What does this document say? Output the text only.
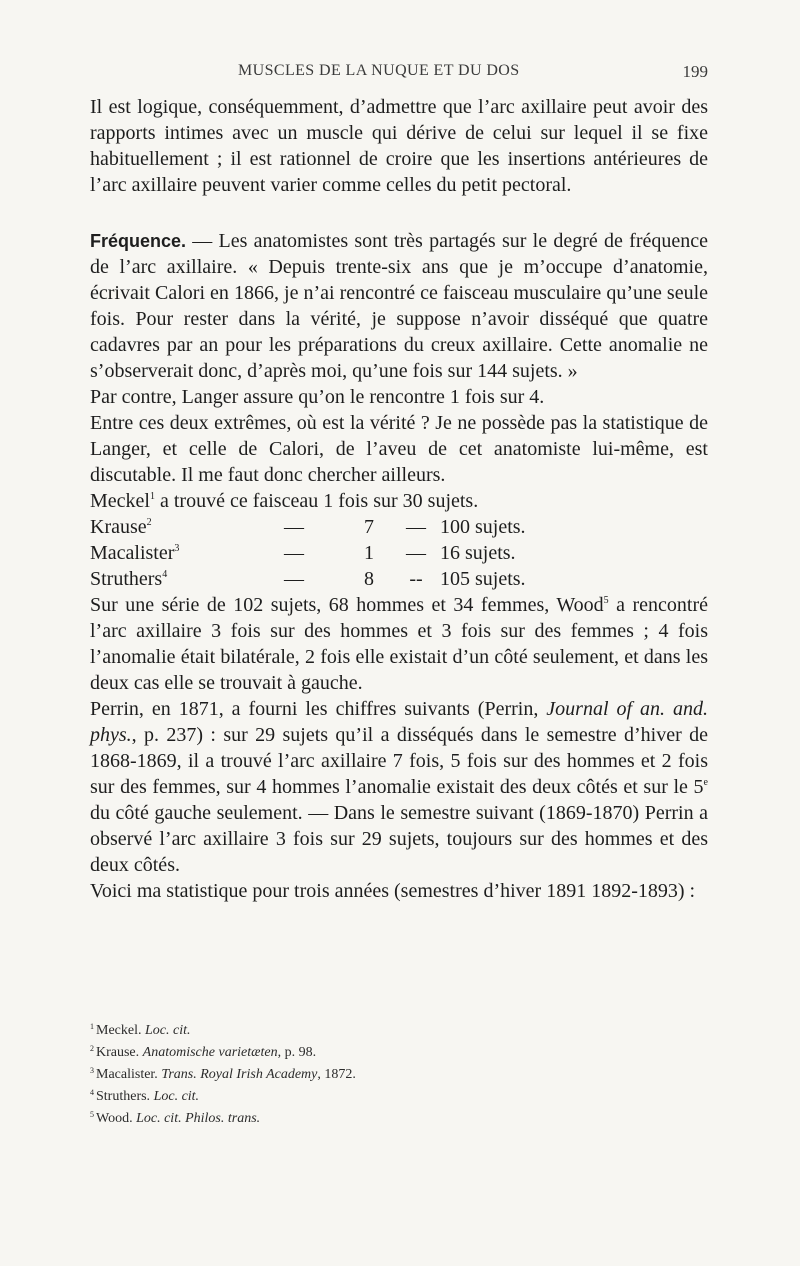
MUSCLES DE LA NUQUE ET DU DOS	199

Il est logique, conséquemment, d’admettre que l’arc axillaire peut avoir des rapports intimes avec un muscle qui dérive de celui sur lequel il se fixe habituellement ; il est rationnel de croire que les insertions antérieures de l’arc axillaire peuvent varier comme celles du petit pectoral.

Fréquence. — Les anatomistes sont très partagés sur le degré de fréquence de l’arc axillaire. « Depuis trente-six ans que je m’occupe d’anatomie, écrivait Calori en 1866, je n’ai rencontré ce faisceau musculaire qu’une seule fois. Pour rester dans la vérité, je suppose n’avoir disséqué que quatre cadavres par an pour les préparations du creux axillaire. Cette anomalie ne s’observerait donc, d’après moi, qu’une fois sur 144 sujets. »

Par contre, Langer assure qu’on le rencontre 1 fois sur 4.

Entre ces deux extrêmes, où est la vérité ? Je ne possède pas la statistique de Langer, et celle de Calori, de l’aveu de cet anatomiste lui-même, est discutable. Il me faut donc chercher ailleurs.

Meckel$^1$ a trouvé ce faisceau 1 fois sur 30 sujets.

Krause$^2$	—	7	—	100 sujets.
Macalister$^3$	—	1	—	16 sujets.
Struthers$^4$	—	8	--	105 sujets.

Sur une série de 102 sujets, 68 hommes et 34 femmes, Wood$^5$ a rencontré l’arc axillaire 3 fois sur des hommes et 3 fois sur des femmes ; 4 fois l’anomalie était bilatérale, 2 fois elle existait d’un côté seulement, et dans les deux cas elle se trouvait à gauche.

Perrin, en 1871, a fourni les chiffres suivants (Perrin, Journal of an. and. phys., p. 237) : sur 29 sujets qu’il a disséqués dans le semestre d’hiver de 1868-1869, il a trouvé l’arc axillaire 7 fois, 5 fois sur des hommes et 2 fois sur des femmes, sur 4 hommes l’anomalie existait des deux côtés et sur le 5e du côté gauche seulement. — Dans le semestre suivant (1869-1870) Perrin a observé l’arc axillaire 3 fois sur 29 sujets, toujours sur des hommes et des deux côtés.

Voici ma statistique pour trois années (semestres d’hiver 1891 1892-1893) :

$^1$ Meckel. Loc. cit.

$^2$ Krause. Anatomische varietæten, p. 98.

$^3$ Macalister. Trans. Royal Irish Academy, 1872.

$^4$ Struthers. Loc. cit.

$^5$ Wood. Loc. cit. Philos. trans.
